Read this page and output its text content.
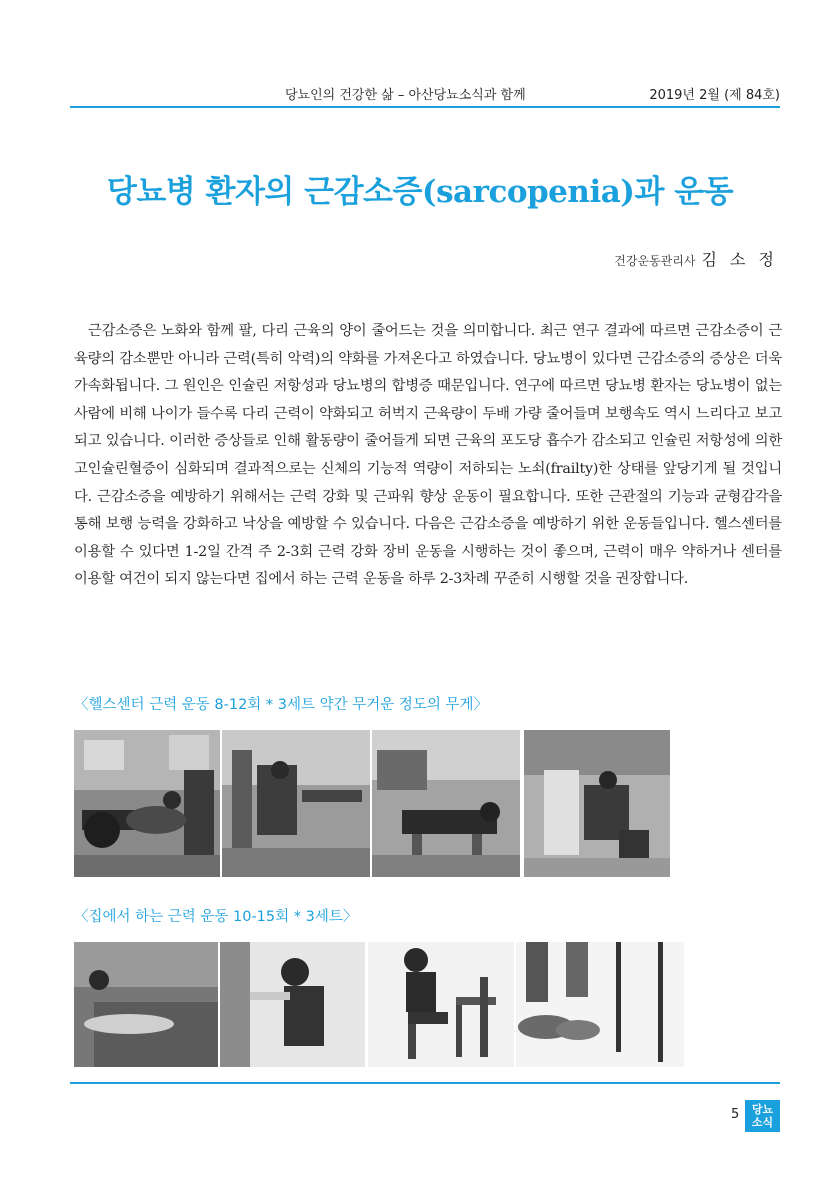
당뇨인의 건강한 삶 – 아산당뇨소식과 함께	2019년 2월 (제 84호)
당뇨병 환자의 근감소증(sarcopenia)과 운동
건강운동관리사 김 소 정
근감소증은 노화와 함께 팔, 다리 근육의 양이 줄어드는 것을 의미합니다. 최근 연구 결과에 따르면 근감소증이 근육량의 감소뿐만 아니라 근력(특히 악력)의 약화를 가져온다고 하였습니다. 당뇨병이 있다면 근감소증의 증상은 더욱 가속화됩니다. 그 원인은 인슐린 저항성과 당뇨병의 합병증 때문입니다. 연구에 따르면 당뇨병 환자는 당뇨병이 없는 사람에 비해 나이가 들수록 다리 근력이 약화되고 허벅지 근육량이 두배 가량 줄어들며 보행속도 역시 느리다고 보고되고 있습니다. 이러한 증상들로 인해 활동량이 줄어들게 되면 근육의 포도당 흡수가 감소되고 인슐린 저항성에 의한 고인슐린혈증이 심화되며 결과적으로는 신체의 기능적 역량이 저하되는 노쇠(frailty)한 상태를 앞당기게 될 것입니다. 근감소증을 예방하기 위해서는 근력 강화 및 근파워 향상 운동이 필요합니다. 또한 근관절의 기능과 균형감각을 통해 보행 능력을 강화하고 낙상을 예방할 수 있습니다. 다음은 근감소증을 예방하기 위한 운동들입니다. 헬스센터를 이용할 수 있다면 1-2일 간격 주 2-3회 근력 강화 장비 운동을 시행하는 것이 좋으며, 근력이 매우 약하거나 센터를 이용할 여건이 되지 않는다면 집에서 하는 근력 운동을 하루 2-3차례 꾸준히 시행할 것을 권장합니다.
〈헬스센터 근력 운동 8-12회 * 3세트 약간 무거운 정도의 무게〉
〈집에서 하는 근력 운동 10-15회 * 3세트〉
5	당뇨
소식
